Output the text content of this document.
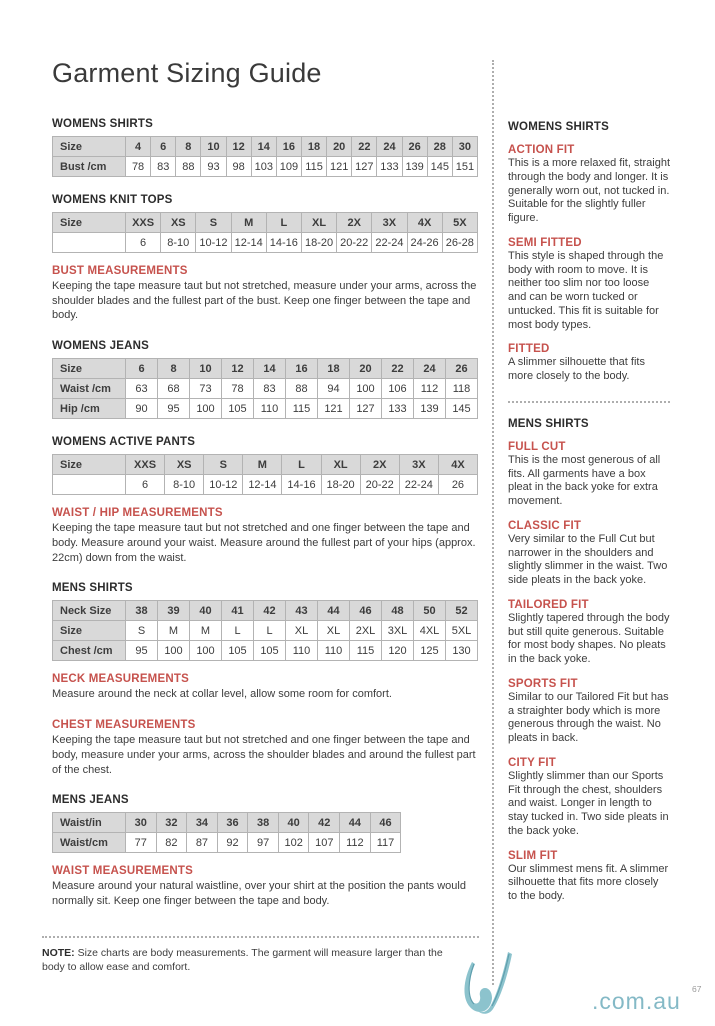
Garment Sizing Guide
WOMENS SHIRTS
Size	4	6	8	10	12	14	16	18	20	22	24	26	28	30
Bust /cm	78	83	88	93	98	103	109	115	121	127	133	139	145	151
WOMENS KNIT TOPS
Size	XXS	XS	S	M	L	XL	2X	3X	4X	5X
	6	8-10	10-12	12-14	14-16	18-20	20-22	22-24	24-26	26-28
BUST MEASUREMENTS

Keeping the tape measure taut but not stretched, measure under your arms, across the shoulder blades and the fullest part of the bust. Keep one finger between the tape and body.

WOMENS JEANS
Size	6	8	10	12	14	16	18	20	22	24	26
Waist /cm	63	68	73	78	83	88	94	100	106	112	118
Hip /cm	90	95	100	105	110	115	121	127	133	139	145
WOMENS ACTIVE PANTS
Size	XXS	XS	S	M	L	XL	2X	3X	4X
	6	8-10	10-12	12-14	14-16	18-20	20-22	22-24	26
WAIST / HIP MEASUREMENTS

Keeping the tape measure taut but not stretched and one finger between the tape and body. Measure around your waist. Measure around the fullest part of your hips (approx. 22cm) down from the waist.

MENS SHIRTS
Neck Size	38	39	40	41	42	43	44	46	48	50	52
Size	S	M	M	L	L	XL	XL	2XL	3XL	4XL	5XL
Chest /cm	95	100	100	105	105	110	110	115	120	125	130
NECK MEASUREMENTS

Measure around the neck at collar level, allow some room for comfort.

CHEST MEASUREMENTS

Keeping the tape measure taut but not stretched and one finger between the tape and body, measure under your arms, across the shoulder blades and around the fullest part of the chest.

MENS JEANS
Waist/in	30	32	34	36	38	40	42	44	46
Waist/cm	77	82	87	92	97	102	107	112	117
WAIST MEASUREMENTS

Measure around your natural waistline, over your shirt at the position the pants would normally sit. Keep one finger between the tape and body.

WOMENS SHIRTS
ACTION FIT

This is a more relaxed fit, straight through the body and longer. It is generally worn out, not tucked in. Suitable for the slightly fuller figure.

SEMI FITTED

This style is shaped through the body with room to move. It is neither too slim nor too loose and can be worn tucked or untucked. This fit is suitable for most body types.

FITTED

A slimmer silhouette that fits more closely to the body.

MENS SHIRTS
FULL CUT

This is the most generous of all fits. All garments have a box pleat in the back yoke for extra movement.

CLASSIC FIT

Very similar to the Full Cut but narrower in the shoulders and slightly slimmer in the waist. Two side pleats in the back yoke.

TAILORED FIT

Slightly tapered through the body but still quite generous. Suitable for most body shapes. No pleats in the back yoke.

SPORTS FIT

Similar to our Tailored Fit but has a straighter body which is more generous through the waist. No pleats in back.

CITY FIT

Slightly slimmer than our Sports Fit through the chest, shoulders and waist. Longer in length to stay tucked in. Two side pleats in the back yoke.

SLIM FIT

Our slimmest mens fit. A slimmer silhouette that fits more closely to the body.

NOTE: Size charts are body measurements. The garment will measure larger than the body to allow ease and comfort.
.com.au 67
